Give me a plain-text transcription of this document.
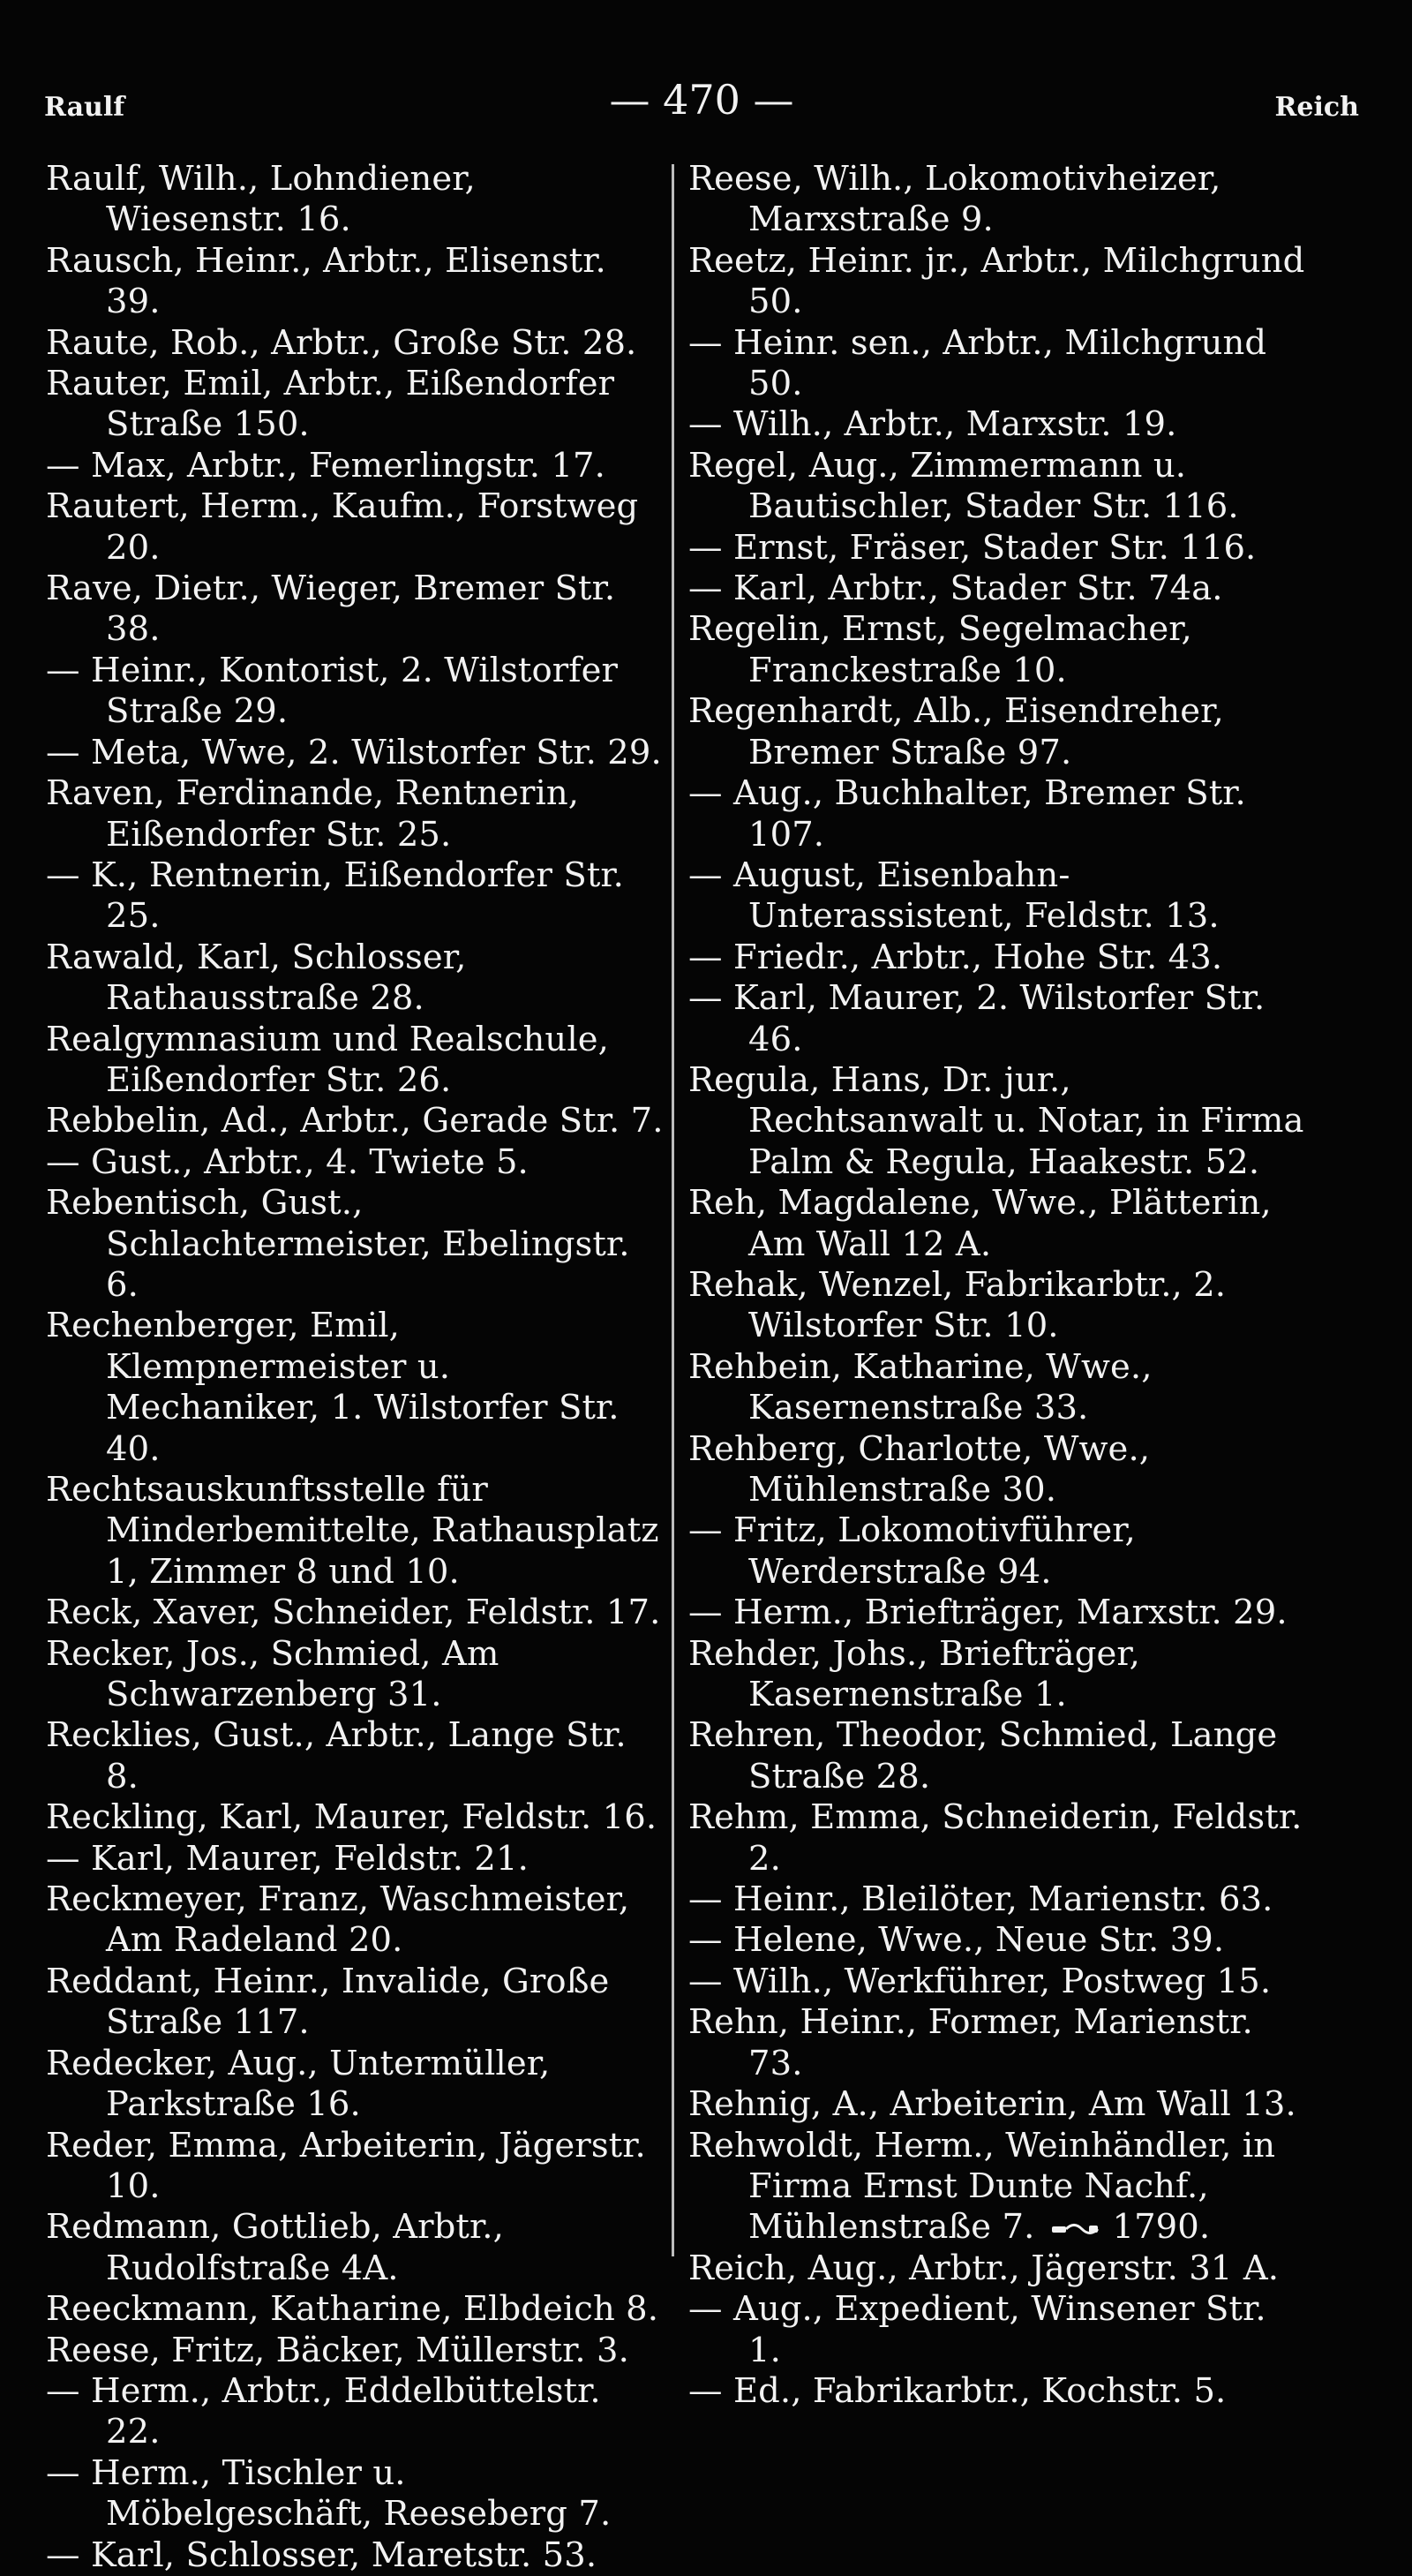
Raulf	— 470 —	Reich
Raulf, Wilh., Lohndiener, Wiesenstr. 16.
Rausch, Heinr., Arbtr., Elisenstr. 39.
Raute, Rob., Arbtr., Große Str. 28.
Rauter, Emil, Arbtr., Eißendorfer Straße 150.
— Max, Arbtr., Femerlingstr. 17.
Rautert, Herm., Kaufm., Forstweg 20.
Rave, Dietr., Wieger, Bremer Str. 38.
— Heinr., Kontorist, 2. Wilstorfer Straße 29.
— Meta, Wwe, 2. Wilstorfer Str. 29.
Raven, Ferdinande, Rentnerin, Eißendorfer Str. 25.
— K., Rentnerin, Eißendorfer Str. 25.
Rawald, Karl, Schlosser, Rathausstraße 28.
Realgymnasium und Realschule, Eißendorfer Str. 26.
Rebbelin, Ad., Arbtr., Gerade Str. 7.
— Gust., Arbtr., 4. Twiete 5.
Rebentisch, Gust., Schlachtermeister, Ebelingstr. 6.
Rechenberger, Emil, Klempnermeister u. Mechaniker, 1. Wilstorfer Str. 40.
Rechtsauskunftsstelle für Minderbemittelte, Rathausplatz 1, Zimmer 8 und 10.
Reck, Xaver, Schneider, Feldstr. 17.
Recker, Jos., Schmied, Am Schwarzenberg 31.
Recklies, Gust., Arbtr., Lange Str. 8.
Reckling, Karl, Maurer, Feldstr. 16.
— Karl, Maurer, Feldstr. 21.
Reckmeyer, Franz, Waschmeister, Am Radeland 20.
Reddant, Heinr., Invalide, Große Straße 117.
Redecker, Aug., Untermüller, Parkstraße 16.
Reder, Emma, Arbeiterin, Jägerstr. 10.
Redmann, Gottlieb, Arbtr., Rudolfstraße 4A.
Reeckmann, Katharine, Elbdeich 8.
Reese, Fritz, Bäcker, Müllerstr. 3.
— Herm., Arbtr., Eddelbüttelstr. 22.
— Herm., Tischler u. Möbelgeschäft, Reeseberg 7.
— Karl, Schlosser, Maretstr. 53.
Reese, Wilh., Lokomotivheizer, Marxstraße 9.
Reetz, Heinr. jr., Arbtr., Milchgrund 50.
— Heinr. sen., Arbtr., Milchgrund 50.
— Wilh., Arbtr., Marxstr. 19.
Regel, Aug., Zimmermann u. Bautischler, Stader Str. 116.
— Ernst, Fräser, Stader Str. 116.
— Karl, Arbtr., Stader Str. 74a.
Regelin, Ernst, Segelmacher, Franckestraße 10.
Regenhardt, Alb., Eisendreher, Bremer Straße 97.
— Aug., Buchhalter, Bremer Str. 107.
— August, Eisenbahn-Unterassistent, Feldstr. 13.
— Friedr., Arbtr., Hohe Str. 43.
— Karl, Maurer, 2. Wilstorfer Str. 46.
Regula, Hans, Dr. jur., Rechtsanwalt u. Notar, in Firma Palm & Regula, Haakestr. 52.
Reh, Magdalene, Wwe., Plätterin, Am Wall 12 A.
Rehak, Wenzel, Fabrikarbtr., 2. Wilstorfer Str. 10.
Rehbein, Katharine, Wwe., Kasernenstraße 33.
Rehberg, Charlotte, Wwe., Mühlenstraße 30.
— Fritz, Lokomotivführer, Werderstraße 94.
— Herm., Briefträger, Marxstr. 29.
Rehder, Johs., Briefträger, Kasernenstraße 1.
Rehren, Theodor, Schmied, Lange Straße 28.
Rehm, Emma, Schneiderin, Feldstr. 2.
— Heinr., Bleilöter, Marienstr. 63.
— Helene, Wwe., Neue Str. 39.
— Wilh., Werkführer, Postweg 15.
Rehn, Heinr., Former, Marienstr. 73.
Rehnig, A., Arbeiterin, Am Wall 13.
Rehwoldt, Herm., Weinhändler, in Firma Ernst Dunte Nachf., Mühlenstraße 7. 1790.
Reich, Aug., Arbtr., Jägerstr. 31 A.
— Aug., Expedient, Winsener Str. 1.
— Ed., Fabrikarbtr., Kochstr. 5.
